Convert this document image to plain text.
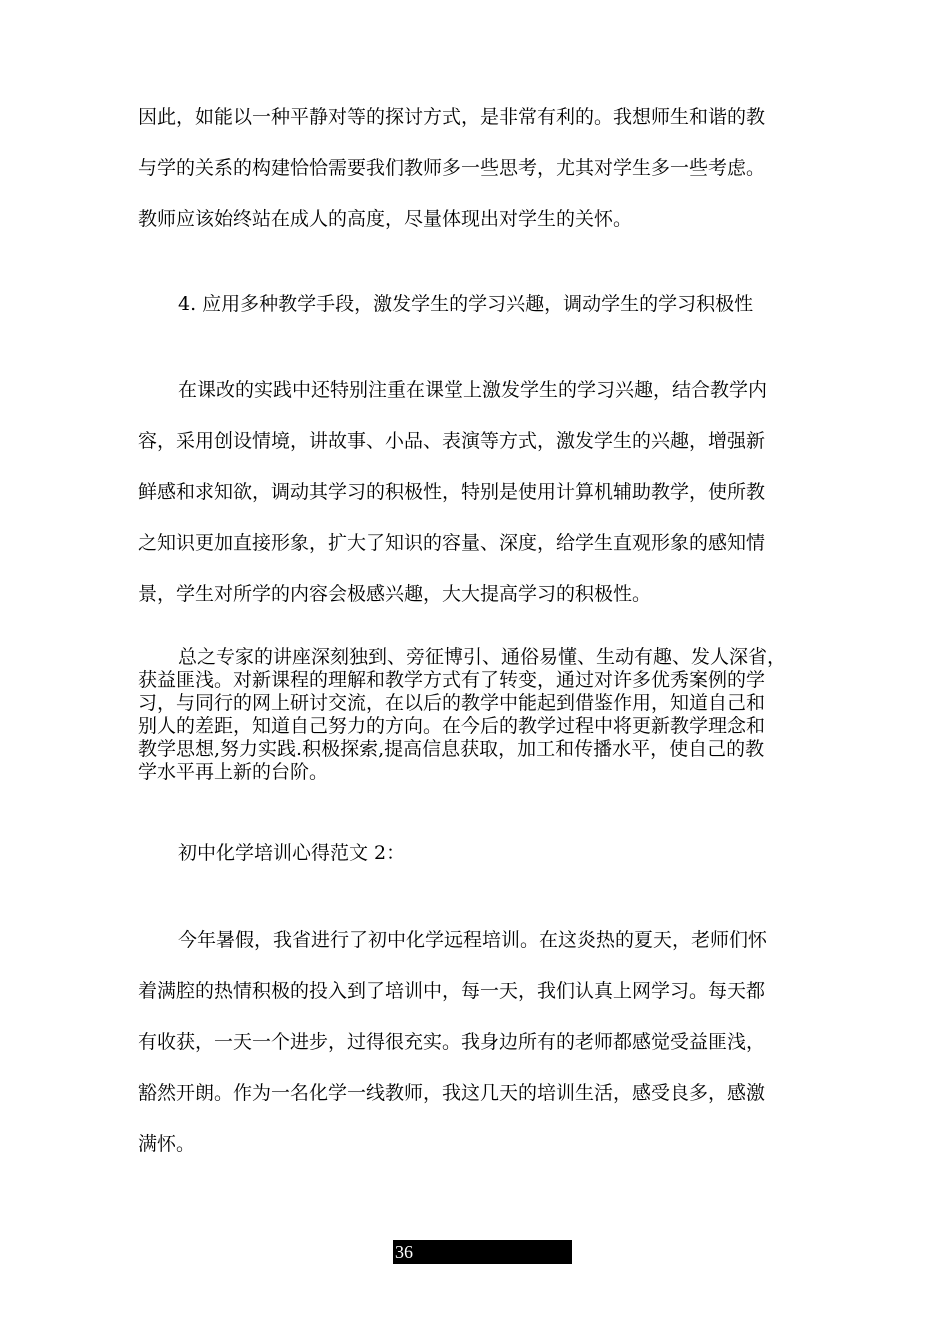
因此，如能以一种平静对等的探讨方式，是非常有利的。我想师生和谐的教
与学的关系的构建恰恰需要我们教师多一些思考，尤其对学生多一些考虑。
教师应该始终站在成人的高度，尽量体现出对学生的关怀。

4. 应用多种教学手段，激发学生的学习兴趣，调动学生的学习积极性

在课改的实践中还特别注重在课堂上激发学生的学习兴趣，结合教学内
容，采用创设情境，讲故事、小品、表演等方式，激发学生的兴趣，增强新
鲜感和求知欲，调动其学习的积极性，特别是使用计算机辅助教学，使所教
之知识更加直接形象，扩大了知识的容量、深度，给学生直观形象的感知情
景，学生对所学的内容会极感兴趣，大大提高学习的积极性。
总之专家的讲座深刻独到、旁征博引、通俗易懂、生动有趣、发人深省，
获益匪浅。对新课程的理解和教学方式有了转变，通过对许多优秀案例的学
习，与同行的网上研讨交流，在以后的教学中能起到借鉴作用，知道自己和
别人的差距，知道自己努力的方向。在今后的教学过程中将更新教学理念和
教学思想,努力实践.积极探索,提高信息获取，加工和传播水平，使自己的教
学水平再上新的台阶。

初中化学培训心得范文 2：

今年暑假，我省进行了初中化学远程培训。在这炎热的夏天，老师们怀
着满腔的热情积极的投入到了培训中，每一天，我们认真上网学习。每天都
有收获，一天一个进步，过得很充实。我身边所有的老师都感觉受益匪浅，
豁然开朗。作为一名化学一线教师，我这几天的培训生活，感受良多，感激
满怀。
36
